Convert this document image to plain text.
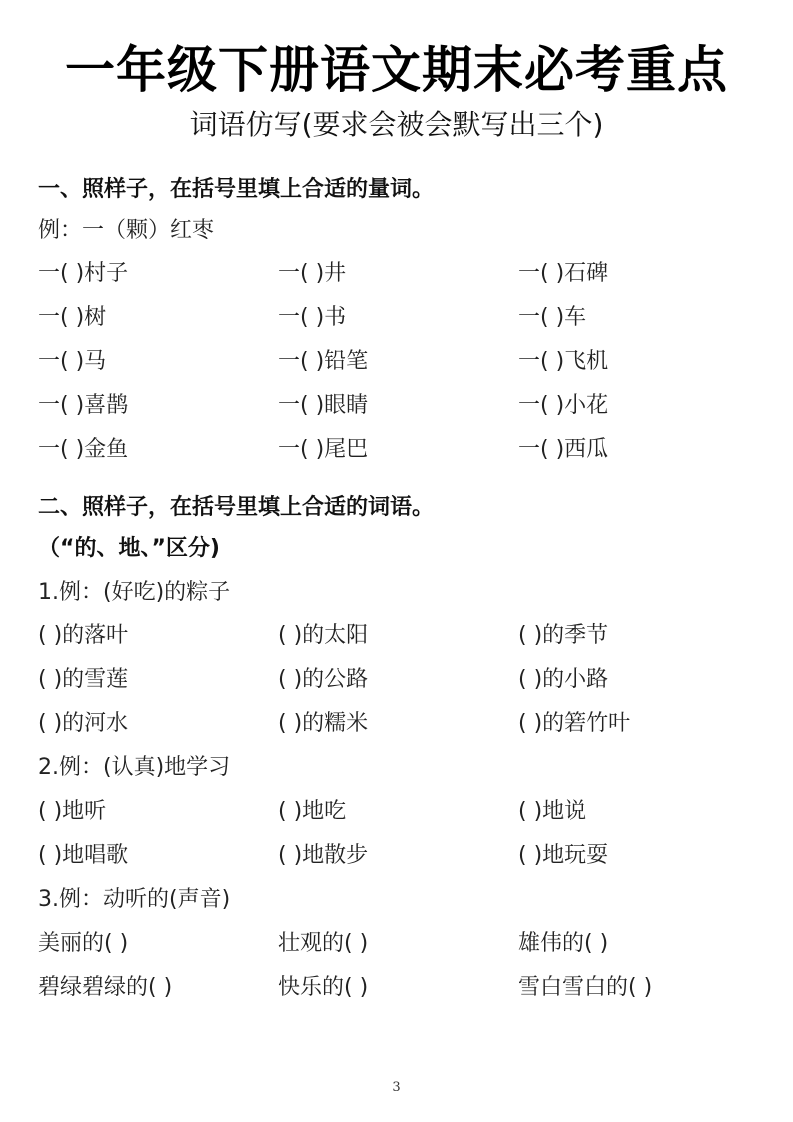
一年级下册语文期末必考重点
词语仿写(要求会被会默写出三个)
一、照样子，在括号里填上合适的量词。
例：一（颗）红枣
一( )村子	一( )井	一( )石碑
一( )树	一( )书	一( )车
一( )马	一( )铅笔	一( )飞机
一( )喜鹊	一( )眼睛	一( )小花
一( )金鱼	一( )尾巴	一( )西瓜
二、照样子，在括号里填上合适的词语。
（“的、地、”区分)
1.例：(好吃)的粽子
( )的落叶	( )的太阳	( )的季节
( )的雪莲	( )的公路	( )的小路
( )的河水	( )的糯米	( )的箬竹叶
2.例：(认真)地学习
( )地听	( )地吃	( )地说
( )地唱歌	( )地散步	( )地玩耍
3.例：动听的(声音)
美丽的( )	壮观的( )	雄伟的( )
碧绿碧绿的( )	快乐的( )	雪白雪白的( )
3
